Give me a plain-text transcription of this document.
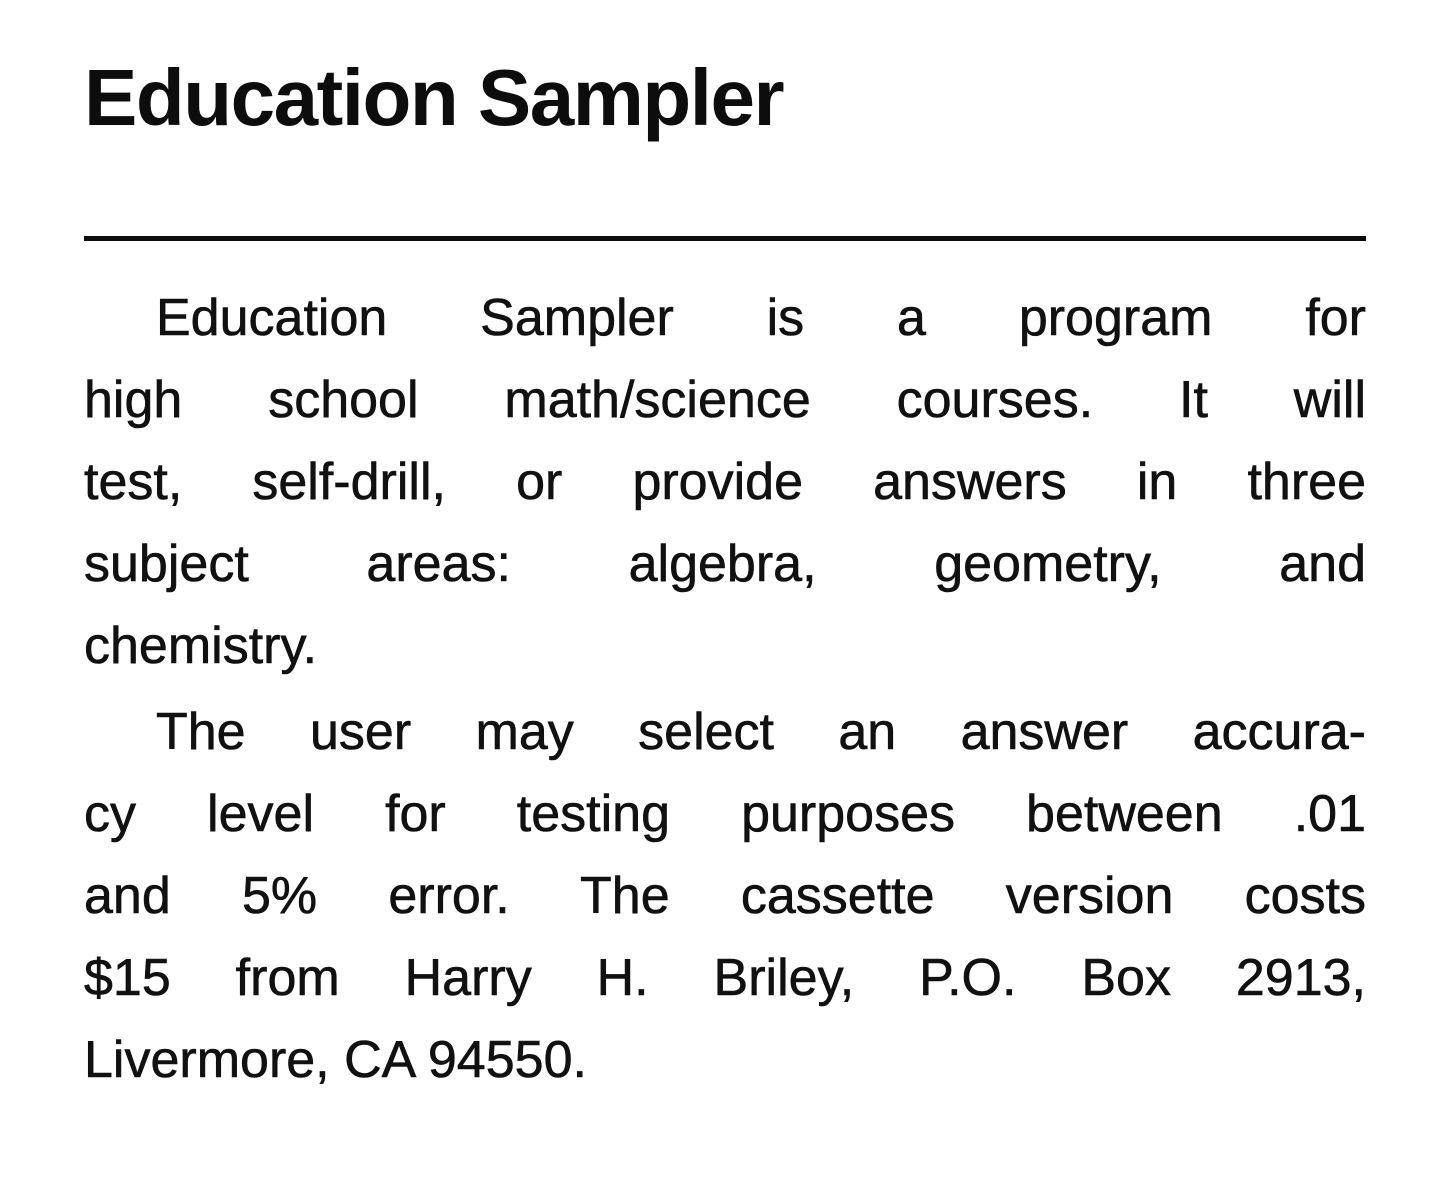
Education Sampler

Education Sampler is a program for
high school math/science courses. It will
test, self-drill, or provide answers in three
subject areas: algebra, geometry, and
chemistry.

The user may select an answer accura-
cy level for testing purposes between .01
and 5% error. The cassette version costs
$15 from Harry H. Briley, P.O. Box 2913,
Livermore, CA 94550.
